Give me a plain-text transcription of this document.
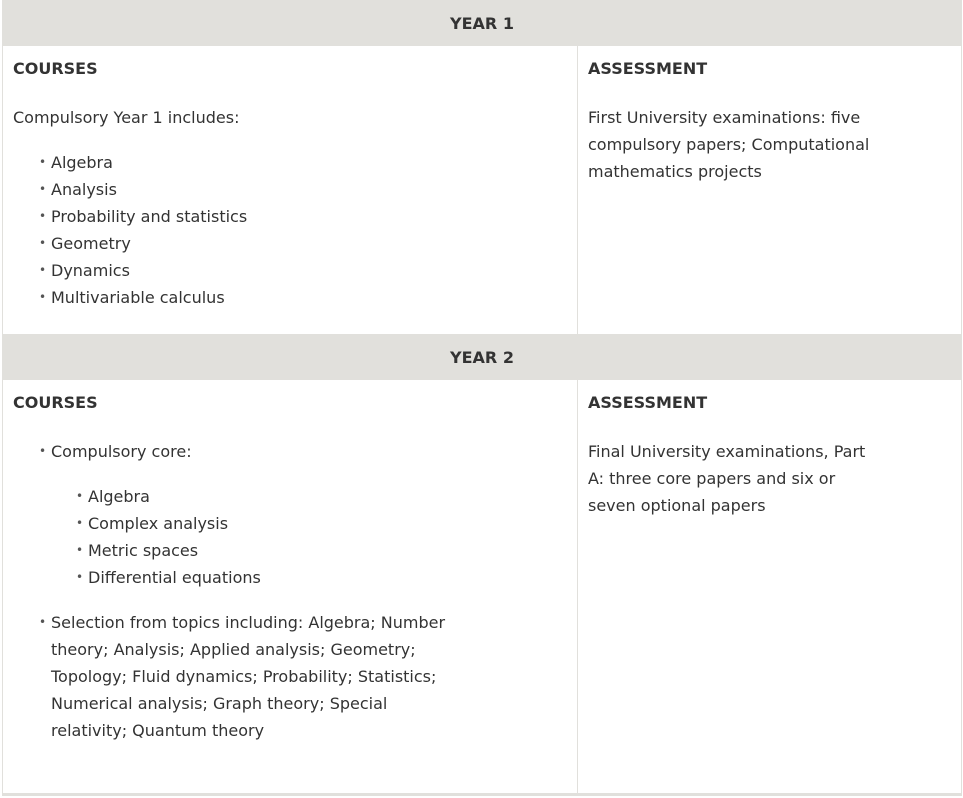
YEAR 1
COURSES

Compulsory Year 1 includes:

• Algebra
• Analysis
• Probability and statistics
• Geometry
• Dynamics
• Multivariable calculus
ASSESSMENT

First University examinations: five compulsory papers; Computational mathematics projects

YEAR 2
COURSES
• Compulsory core:
• Algebra
• Complex analysis
• Metric spaces
• Differential equations
• Selection from topics including: Algebra; Number theory; Analysis; Applied analysis; Geometry; Topology; Fluid dynamics; Probability; Statistics; Numerical analysis; Graph theory; Special relativity; Quantum theory
ASSESSMENT

Final University examinations, Part A: three core papers and six or seven optional papers
